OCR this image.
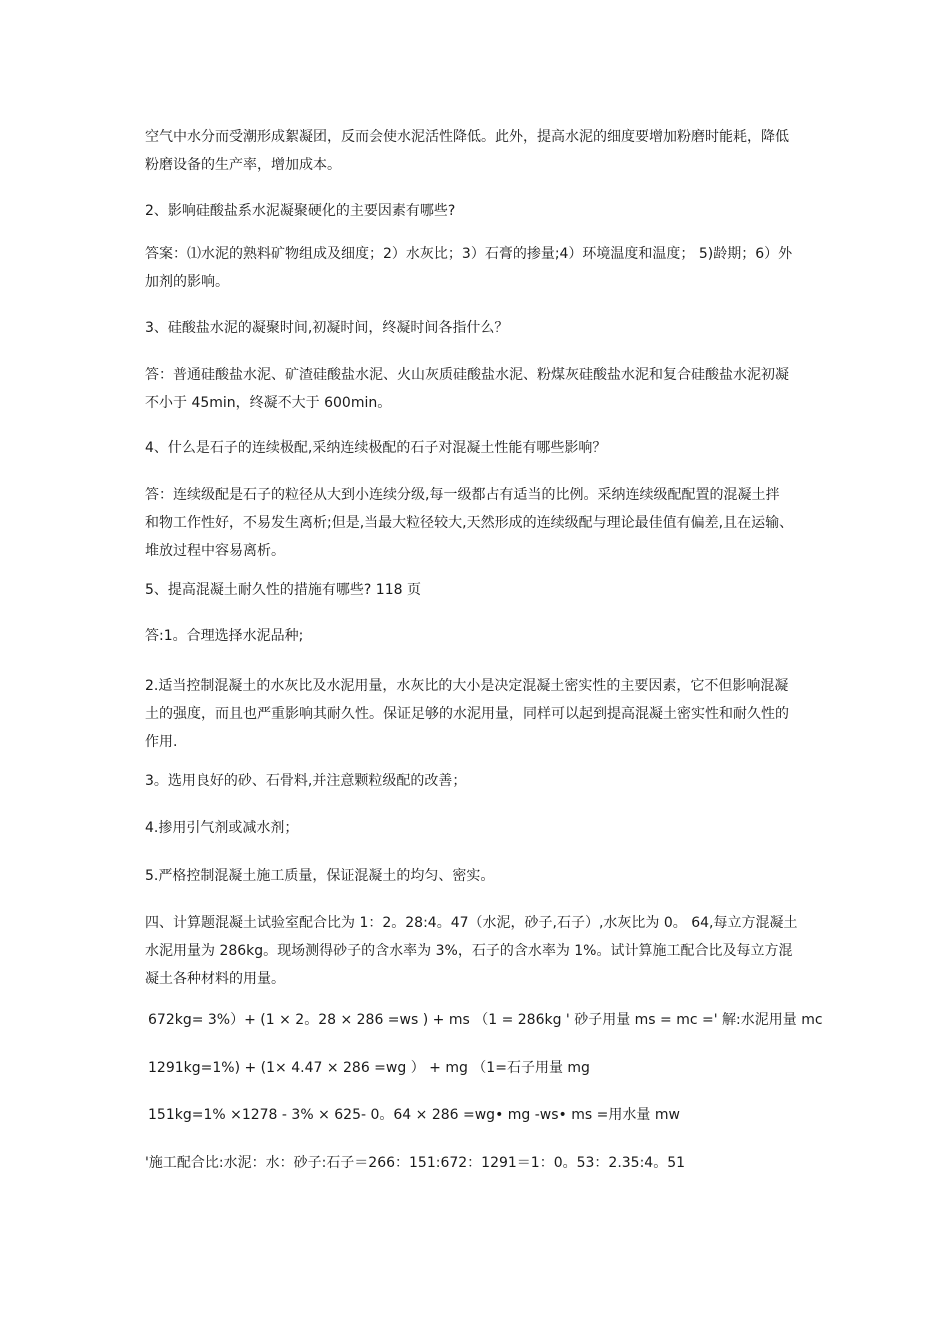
空气中水分而受潮形成絮凝团，反而会使水泥活性降低。此外，提高水泥的细度要增加粉磨时能耗，降低
粉磨设备的生产率，增加成本。
2、影响硅酸盐系水泥凝聚硬化的主要因素有哪些?
答案：⑴水泥的熟料矿物组成及细度；2）水灰比；3）石膏的掺量;4）环境温度和温度； 5)龄期；6）外
加剂的影响。
3、硅酸盐水泥的凝聚时间,初凝时间，终凝时间各指什么？
答：普通硅酸盐水泥、矿渣硅酸盐水泥、火山灰质硅酸盐水泥、粉煤灰硅酸盐水泥和复合硅酸盐水泥初凝
不小于 45min，终凝不大于 600min。
4、什么是石子的连续极配,采纳连续极配的石子对混凝土性能有哪些影响？
答：连续级配是石子的粒径从大到小连续分级,每一级都占有适当的比例。采纳连续级配配置的混凝土拌
和物工作性好，不易发生离析;但是,当最大粒径较大,天然形成的连续级配与理论最佳值有偏差,且在运输、
堆放过程中容易离析。
5、提高混凝土耐久性的措施有哪些? 118 页
答:1。合理选择水泥品种;
2.适当控制混凝土的水灰比及水泥用量，水灰比的大小是决定混凝土密实性的主要因素，它不但影响混凝
土的强度，而且也严重影响其耐久性。保证足够的水泥用量，同样可以起到提高混凝土密实性和耐久性的
作用.
3。选用良好的砂、石骨料,并注意颗粒级配的改善；
4.掺用引气剂或减水剂；
5.严格控制混凝土施工质量，保证混凝土的均匀、密实。
四、计算题混凝土试验室配合比为 1：2。28:4。47（水泥，砂子,石子）,水灰比为 0。 64,每立方混凝土
水泥用量为 286kg。现场测得砂子的含水率为 3%，石子的含水率为 1%。试计算施工配合比及每立方混
凝土各种材料的用量。
672kg= 3%）+ (1 × 2。28 × 286 =ws ) + ms （1 = 286kg ' 砂子用量 ms = mc =' 解:水泥用量 mc
1291kg=1%) + (1× 4.47 × 286 =wg ） + mg （1=石子用量 mg
151kg=1% ×1278 - 3% × 625- 0。64 × 286 =wg• mg -ws• ms =用水量 mw
'施工配合比:水泥：水：砂子:石子＝266：151:672：1291＝1：0。53：2.35:4。51
